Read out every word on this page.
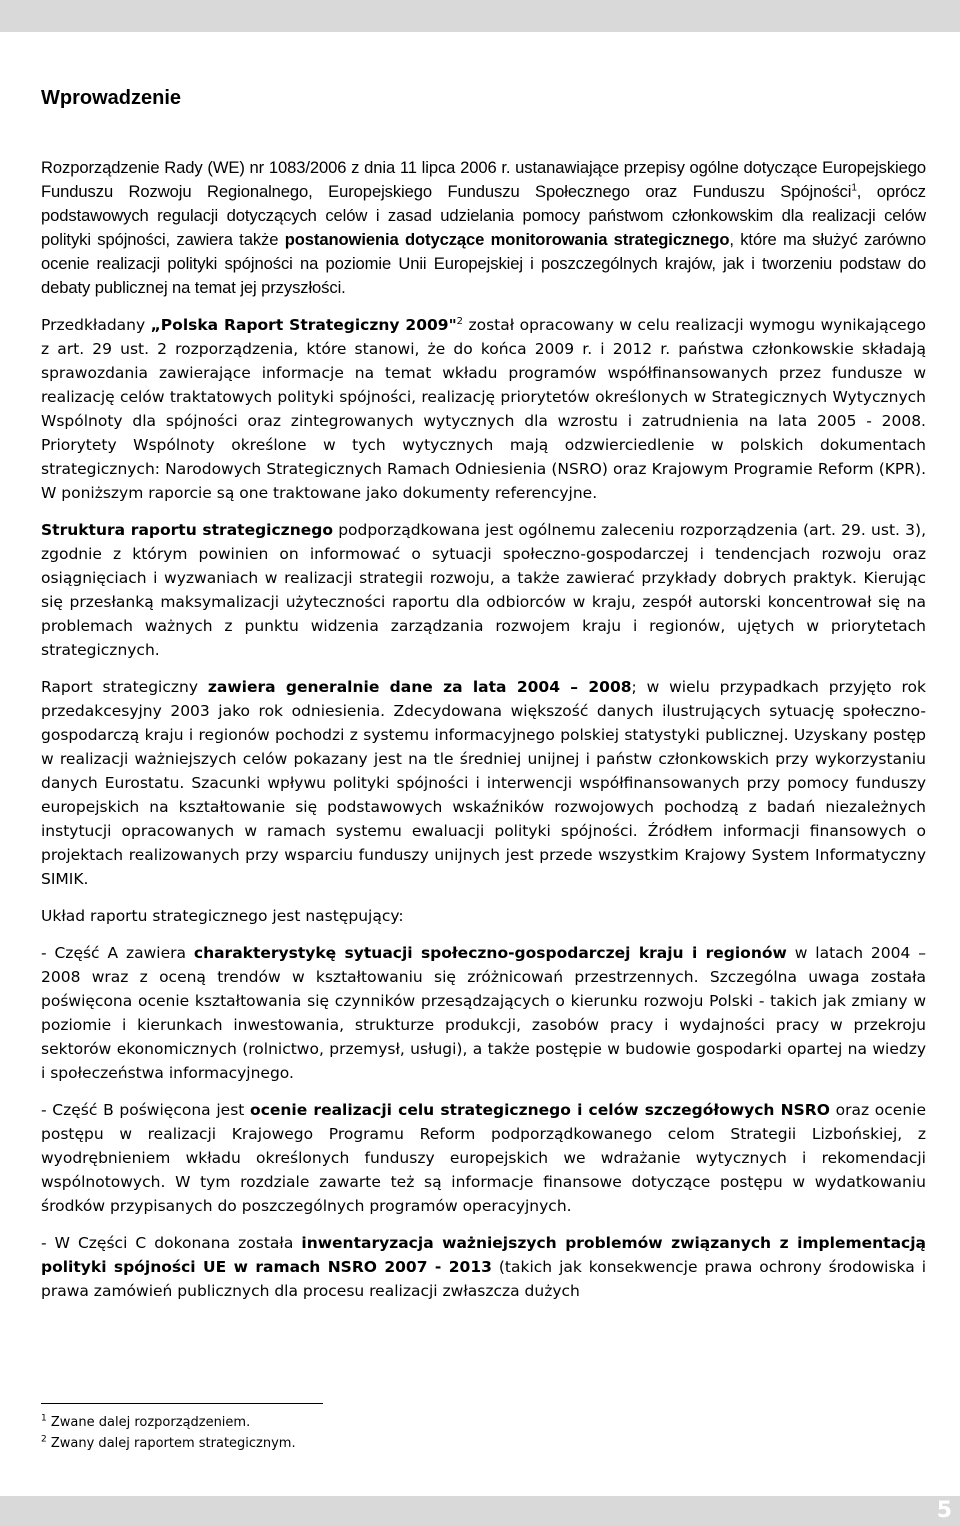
Wprowadzenie

Rozporządzenie Rady (WE) nr 1083/2006 z dnia 11 lipca 2006 r. ustanawiające przepisy ogólne dotyczące Europejskiego Funduszu Rozwoju Regionalnego, Europejskiego Funduszu Społecznego oraz Funduszu Spójności$^1$, oprócz podstawowych regulacji dotyczących celów i zasad udzielania pomocy państwom członkowskim dla realizacji celów polityki spójności, zawiera także postanowienia dotyczące monitorowania strategicznego, które ma służyć zarówno ocenie realizacji polityki spójności na poziomie Unii Europejskiej i poszczególnych krajów, jak i tworzeniu podstaw do debaty publicznej na temat jej przyszłości.

Przedkładany „Polska Raport Strategiczny 2009"$^2$ został opracowany w celu realizacji wymogu wynikającego z art. 29 ust. 2 rozporządzenia, które stanowi, że do końca 2009 r. i 2012 r. państwa członkowskie składają sprawozdania zawierające informacje na temat wkładu programów współfinansowanych przez fundusze w realizację celów traktatowych polityki spójności, realizację priorytetów określonych w Strategicznych Wytycznych Wspólnoty dla spójności oraz zintegrowanych wytycznych dla wzrostu i zatrudnienia na lata 2005 - 2008. Priorytety Wspólnoty określone w tych wytycznych mają odzwierciedlenie w polskich dokumentach strategicznych: Narodowych Strategicznych Ramach Odniesienia (NSRO) oraz Krajowym Programie Reform (KPR). W poniższym raporcie są one traktowane jako dokumenty referencyjne.

Struktura raportu strategicznego podporządkowana jest ogólnemu zaleceniu rozporządzenia (art. 29. ust. 3), zgodnie z którym powinien on informować o sytuacji społeczno-gospodarczej i tendencjach rozwoju oraz osiągnięciach i wyzwaniach w realizacji strategii rozwoju, a także zawierać przykłady dobrych praktyk. Kierując się przesłanką maksymalizacji użyteczności raportu dla odbiorców w kraju, zespół autorski koncentrował się na problemach ważnych z punktu widzenia zarządzania rozwojem kraju i regionów, ujętych w priorytetach strategicznych.

Raport strategiczny zawiera generalnie dane za lata 2004 – 2008; w wielu przypadkach przyjęto rok przedakcesyjny 2003 jako rok odniesienia. Zdecydowana większość danych ilustrujących sytuację społeczno-gospodarczą kraju i regionów pochodzi z systemu informacyjnego polskiej statystyki publicznej. Uzyskany postęp w realizacji ważniejszych celów pokazany jest na tle średniej unijnej i państw członkowskich przy wykorzystaniu danych Eurostatu. Szacunki wpływu polityki spójności i interwencji współfinansowanych przy pomocy funduszy europejskich na kształtowanie się podstawowych wskaźników rozwojowych pochodzą z badań niezależnych instytucji opracowanych w ramach systemu ewaluacji polityki spójności. Źródłem informacji finansowych o projektach realizowanych przy wsparciu funduszy unijnych jest przede wszystkim Krajowy System Informatyczny SIMIK.

Układ raportu strategicznego jest następujący:

- Część A zawiera charakterystykę sytuacji społeczno-gospodarczej kraju i regionów w latach 2004 – 2008 wraz z oceną trendów w kształtowaniu się zróżnicowań przestrzennych. Szczególna uwaga została poświęcona ocenie kształtowania się czynników przesądzających o kierunku rozwoju Polski - takich jak zmiany w poziomie i kierunkach inwestowania, strukturze produkcji, zasobów pracy i wydajności pracy w przekroju sektorów ekonomicznych (rolnictwo, przemysł, usługi), a także postępie w budowie gospodarki opartej na wiedzy i społeczeństwa informacyjnego.

- Część B poświęcona jest ocenie realizacji celu strategicznego i celów szczegółowych NSRO oraz ocenie postępu w realizacji Krajowego Programu Reform podporządkowanego celom Strategii Lizbońskiej, z wyodrębnieniem wkładu określonych funduszy europejskich we wdrażanie wytycznych i rekomendacji wspólnotowych. W tym rozdziale zawarte też są informacje finansowe dotyczące postępu w wydatkowaniu środków przypisanych do poszczególnych programów operacyjnych.

- W Części C dokonana została inwentaryzacja ważniejszych problemów związanych z implementacją polityki spójności UE w ramach NSRO 2007 - 2013 (takich jak konsekwencje prawa ochrony środowiska i prawa zamówień publicznych dla procesu realizacji zwłaszcza dużych

$^1$ Zwane dalej rozporządzeniem.
$^2$ Zwany dalej raportem strategicznym.
5
